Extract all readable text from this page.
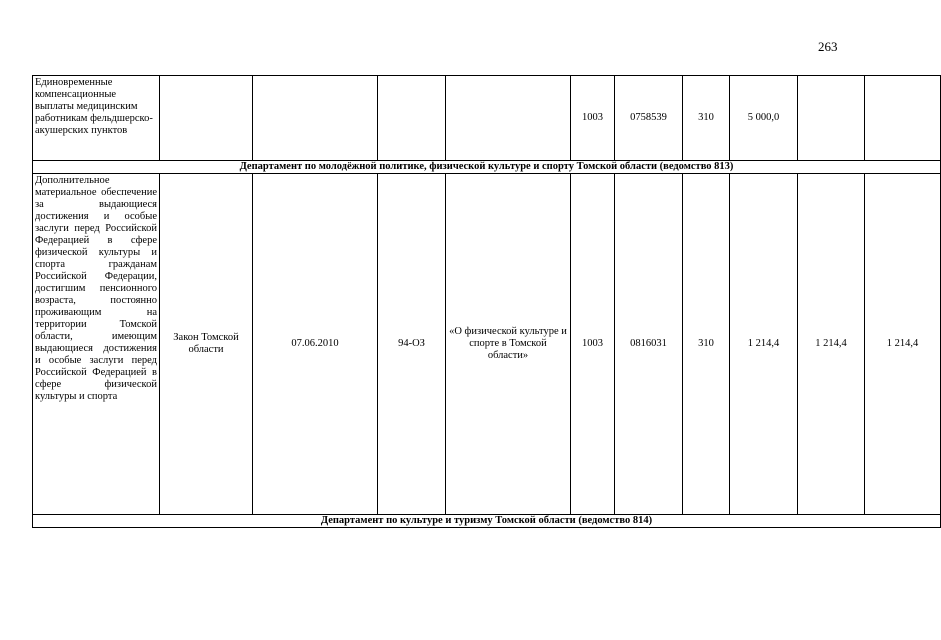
263
Единовременные компенсационные выплаты медицинским работникам фельдшерско-акушерских пунктов					1003	0758539	310	5 000,0		
Департамент по молодёжной политике, физической культуре и спорту Томской области (ведомство 813)										
Дополнительное материальное обеспечение за выдающиеся достижения и особые заслуги перед Российской Федерацией в сфере физической культуры и спорта гражданам Российской Федерации, достигшим пенсионного возраста, постоянно проживающим на территории Томской области, имеющим выдающиеся достижения и особые заслуги перед Российской Федерацией в сфере физической культуры и спорта	Закон Томской области	07.06.2010	94-ОЗ	«О физической культуре и спорте в Томской области»	1003	0816031	310	1 214,4	1 214,4	1 214,4
Департамент по культуре и туризму Томской области (ведомство 814)										
